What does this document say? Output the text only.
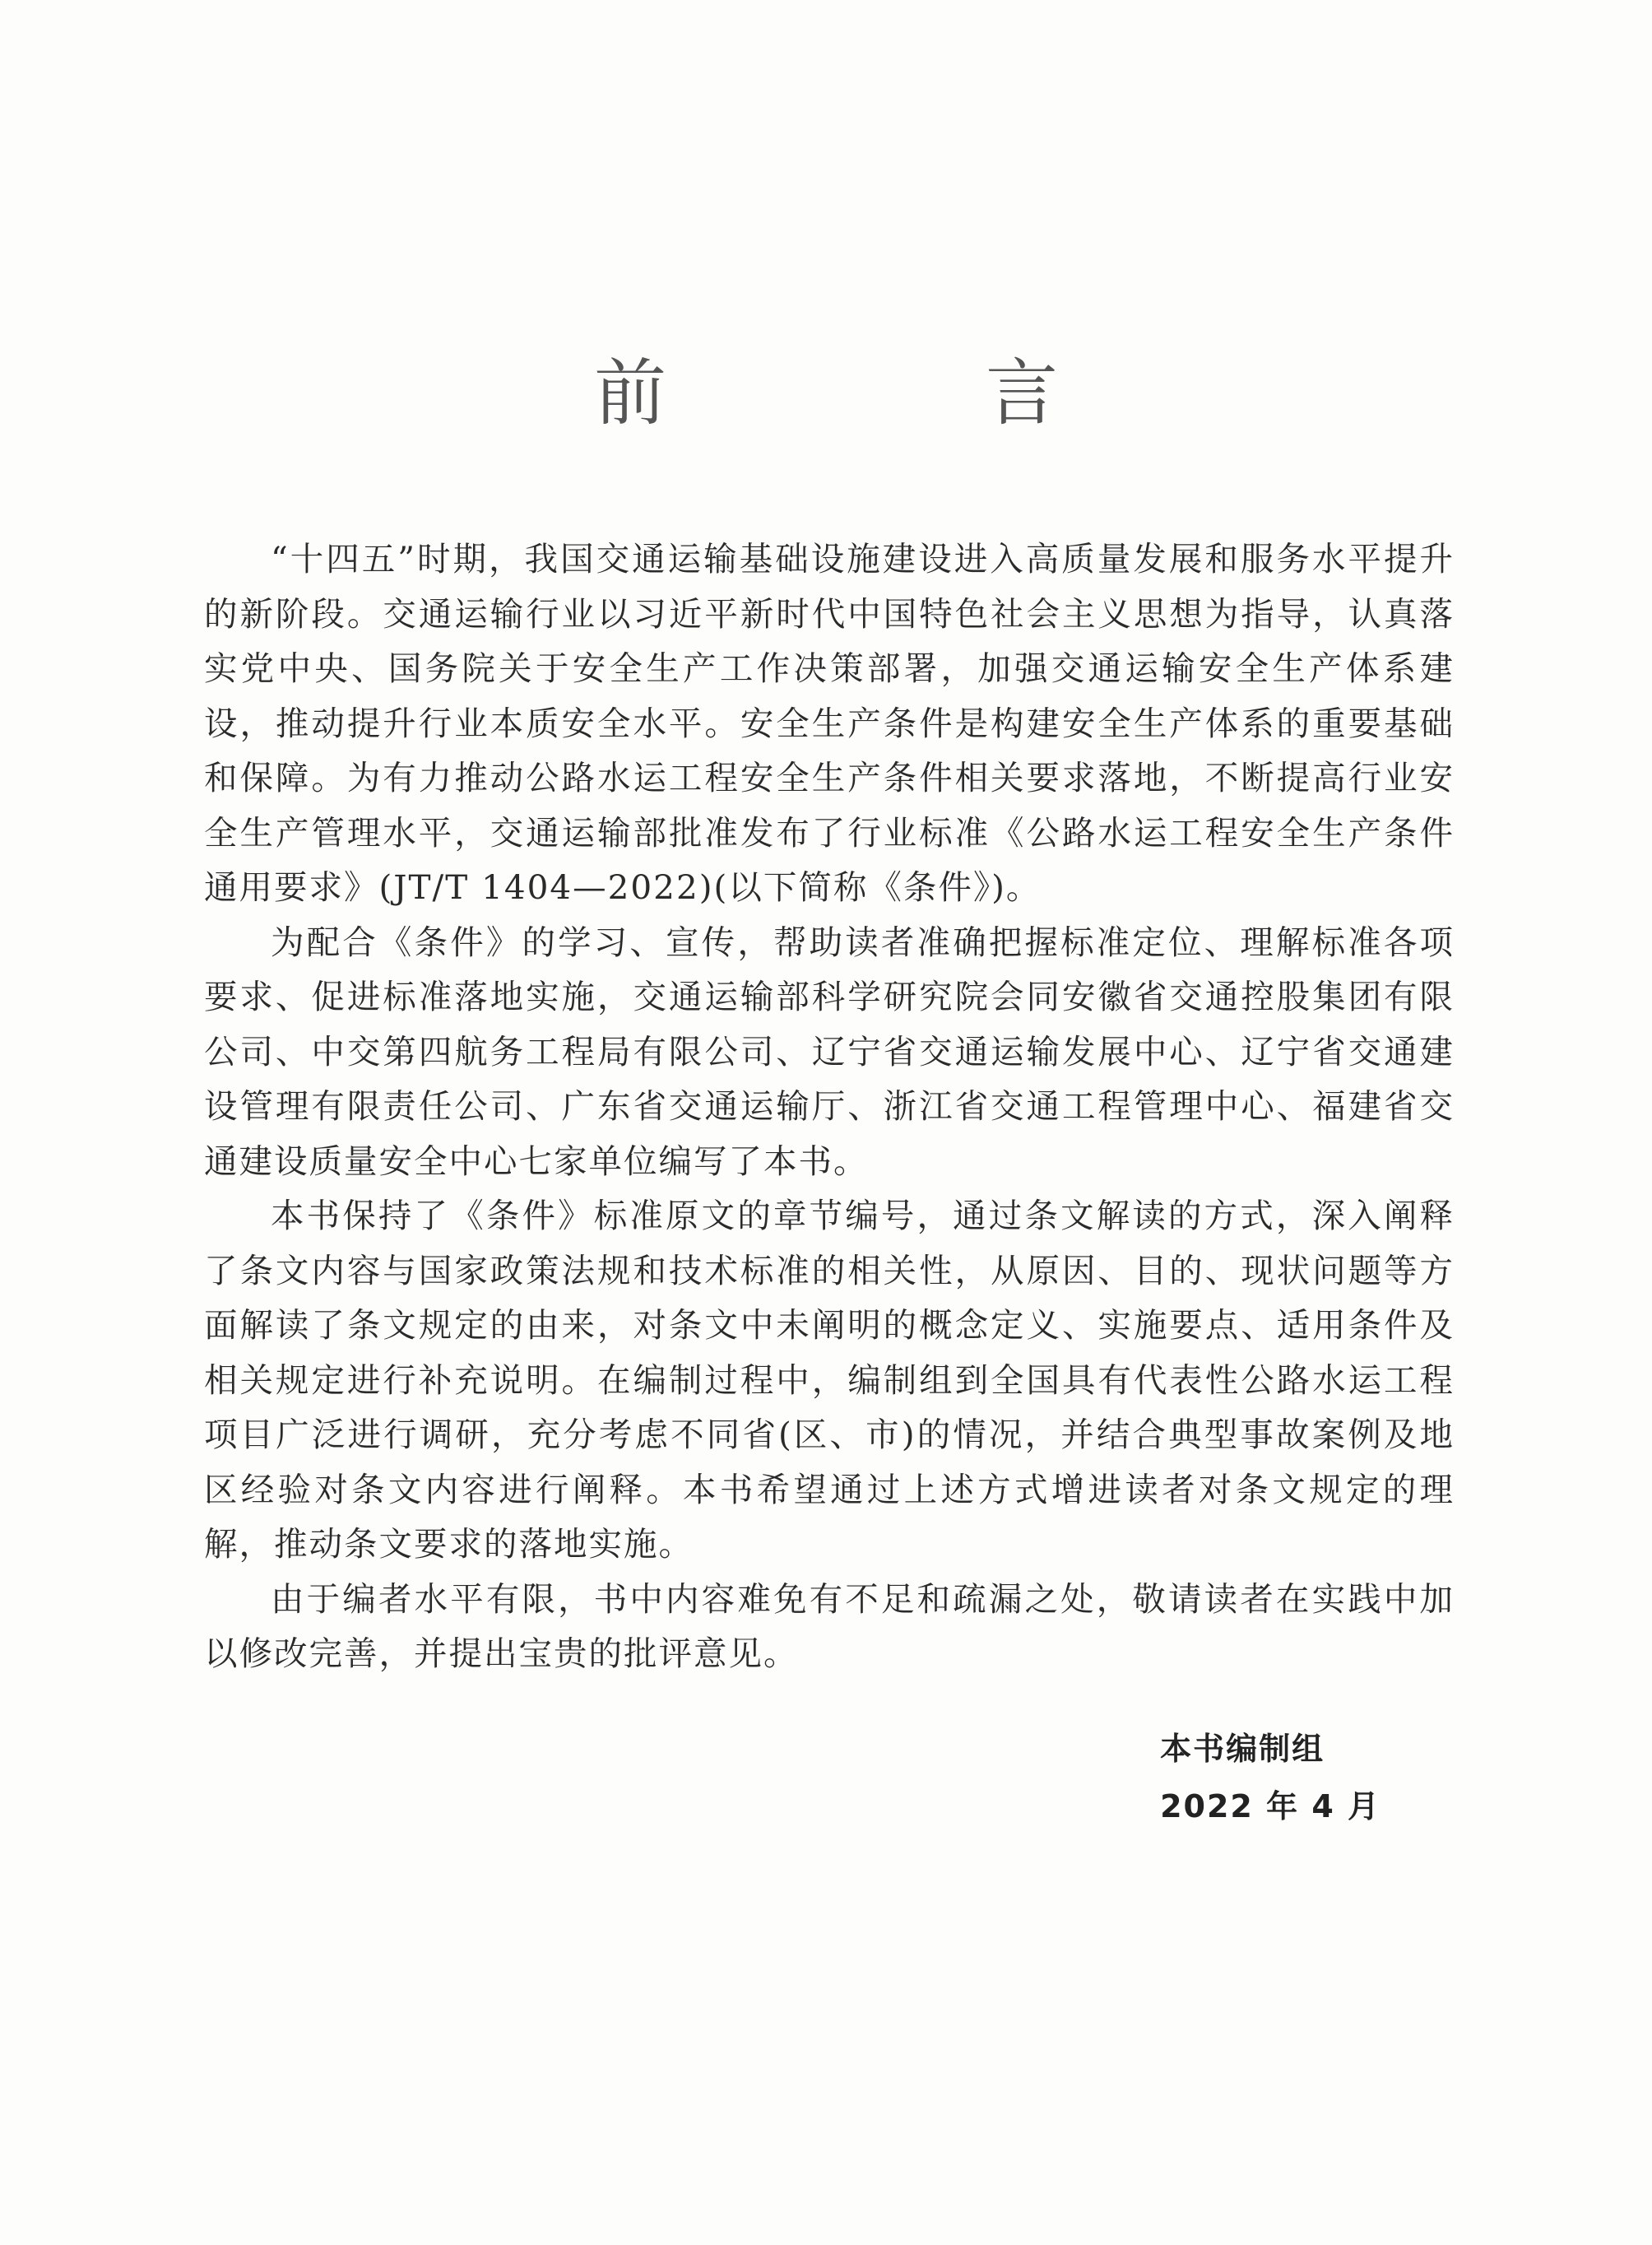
前　言

“十四五”时期，我国交通运输基础设施建设进入高质量发展和服务水平提升的新阶段。交通运输行业以习近平新时代中国特色社会主义思想为指导，认真落实党中央、国务院关于安全生产工作决策部署，加强交通运输安全生产体系建设，推动提升行业本质安全水平。安全生产条件是构建安全生产体系的重要基础和保障。为有力推动公路水运工程安全生产条件相关要求落地，不断提高行业安全生产管理水平，交通运输部批准发布了行业标准《公路水运工程安全生产条件通用要求》(JT/T 1404—2022)(以下简称《条件》)。

为配合《条件》的学习、宣传，帮助读者准确把握标准定位、理解标准各项要求、促进标准落地实施，交通运输部科学研究院会同安徽省交通控股集团有限公司、中交第四航务工程局有限公司、辽宁省交通运输发展中心、辽宁省交通建设管理有限责任公司、广东省交通运输厅、浙江省交通工程管理中心、福建省交通建设质量安全中心七家单位编写了本书。

本书保持了《条件》标准原文的章节编号，通过条文解读的方式，深入阐释了条文内容与国家政策法规和技术标准的相关性，从原因、目的、现状问题等方面解读了条文规定的由来，对条文中未阐明的概念定义、实施要点、适用条件及相关规定进行补充说明。在编制过程中，编制组到全国具有代表性公路水运工程项目广泛进行调研，充分考虑不同省(区、市)的情况，并结合典型事故案例及地区经验对条文内容进行阐释。本书希望通过上述方式增进读者对条文规定的理解，推动条文要求的落地实施。

由于编者水平有限，书中内容难免有不足和疏漏之处，敬请读者在实践中加以修改完善，并提出宝贵的批评意见。

本书编制组
2022 年 4 月
